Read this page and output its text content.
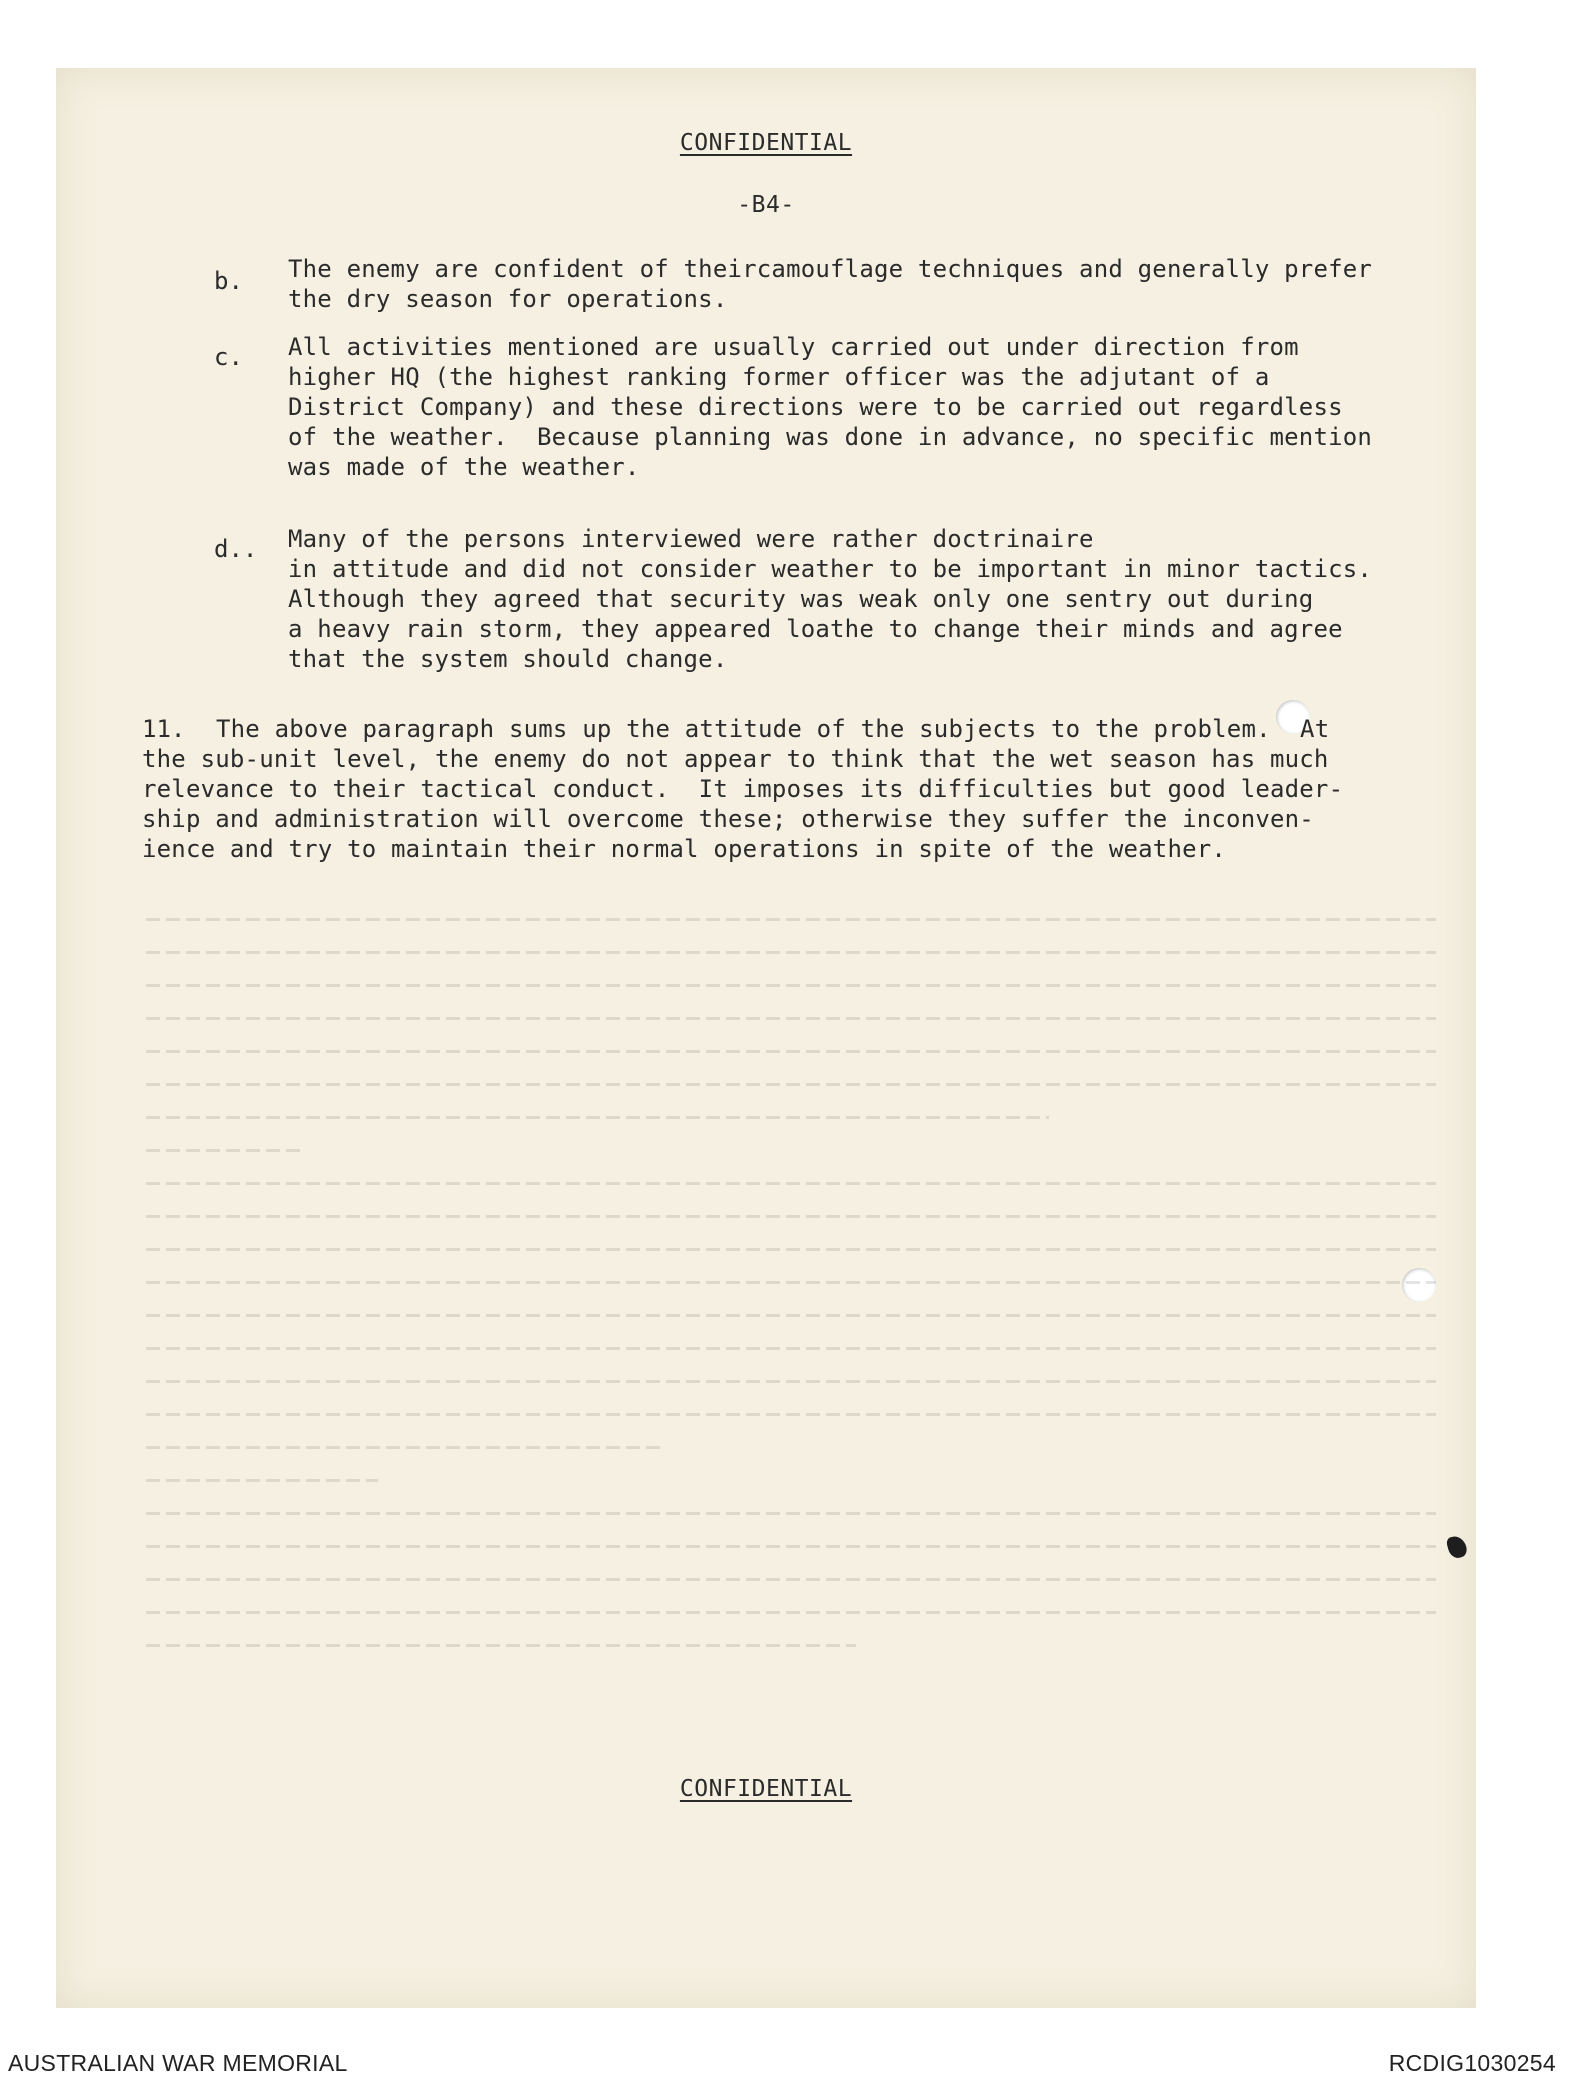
CONFIDENTIAL
-B4-
b. The enemy are confident of theircamouflage techniques and generally prefer
the dry season for operations.
c. All activities mentioned are usually carried out under direction from
higher HQ (the highest ranking former officer was the adjutant of a
District Company) and these directions were to be carried out regardless
of the weather.  Because planning was done in advance, no specific mention
was made of the weather.
d.. Many of the persons interviewed were rather doctrinaire
in attitude and did not consider weather to be important in minor tactics.
Although they agreed that security was weak only one sentry out during
a heavy rain storm, they appeared loathe to change their minds and agree
that the system should change.
11. The above paragraph sums up the attitude of the subjects to the problem.  At
the sub-unit level, the enemy do not appear to think that the wet season has much
relevance to their tactical conduct.  It imposes its difficulties but good leader-
ship and administration will overcome these; otherwise they suffer the inconven-
ience and try to maintain their normal operations in spite of the weather.
CONFIDENTIAL
AUSTRALIAN WAR MEMORIAL	RCDIG1030254
